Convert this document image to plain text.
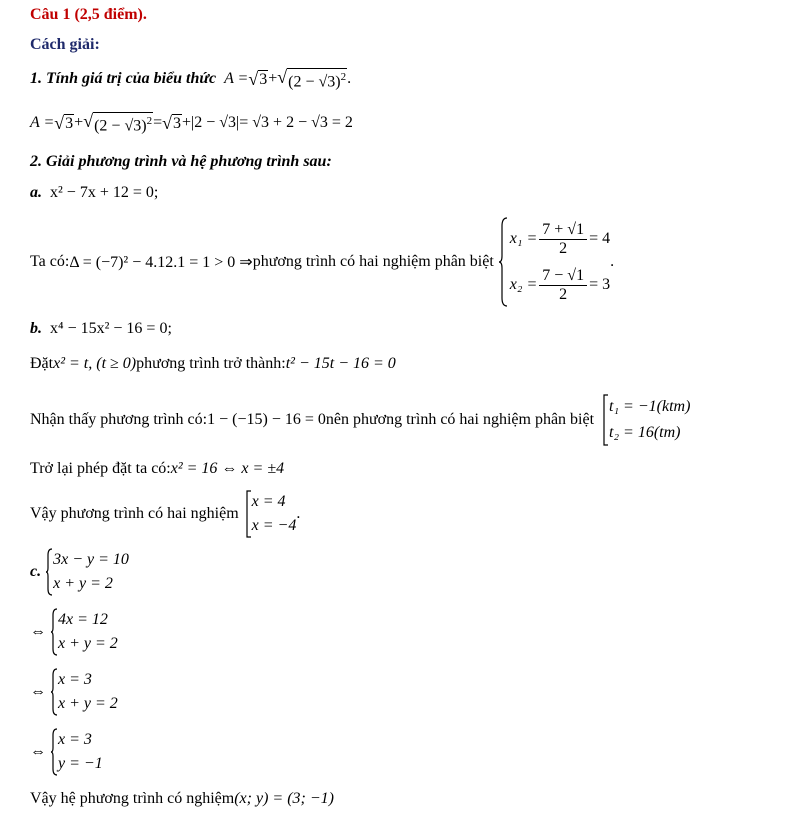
Câu 1 (2,5 điểm).
Cách giải:
1. Tính giá trị của biểu thức A = √ 3 + √ $(2 - √3)^2$ .
A = √ 3 + √ $(2 - √3)^2$ = √ 3 + |2 − √3| = √3 + 2 − √3 = 2
2. Giải phương trình và hệ phương trình sau:
a. x² − 7x + 12 = 0;
Ta có: Δ = (−7)² − 4.12.1 = 1 > 0 ⇒ phương trình có hai nghiệm phân biệt
$x_1 = \frac{7 + √1}{2} = 4$
$x_2 = \frac{7 - √1}{2} = 3$
.
b. x⁴ − 15x² − 16 = 0;
Đặt x² = t, (t ≥ 0) phương trình trở thành: t² − 15t − 16 = 0
Nhận thấy phương trình có: 1 − (−15) − 16 = 0 nên phương trình có hai nghiệm phân biệt
t₁ = −1(ktm)
t₂ = 16(tm)
Trở lại phép đặt ta có: x² = 16 ⇔ x = ±4
Vậy phương trình có hai nghiệm
x = 4
x = −4
.
c.
3x − y = 10
x + y = 2
⇔
4x = 12
x + y = 2
⇔
x = 3
x + y = 2
⇔
x = 3
y = −1
Vậy hệ phương trình có nghiệm (x; y) = (3; −1)
